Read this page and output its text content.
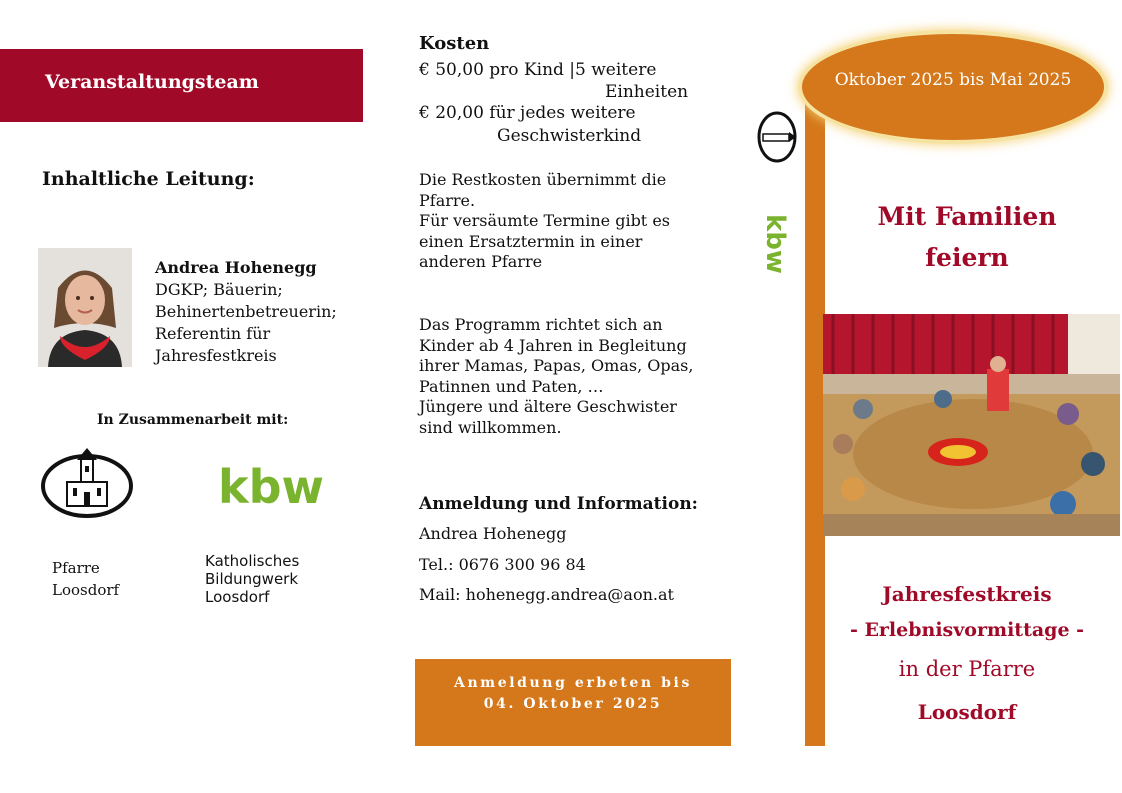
Veranstaltungsteam
Inhaltliche Leitung:
Andrea Hohenegg
DGKP; Bäuerin;
Behinertenbetreuerin;
Referentin für
Jahresfestkreis
In Zusammenarbeit mit:
kbw
Pfarre
Loosdorf
Katholisches
Bildungwerk
Loosdorf
Kosten
€ 50,00 pro Kind |5 weitere
Einheiten
€ 20,00 für jedes weitere
Geschwisterkind
Die Restkosten übernimmt die
Pfarre.
Für versäumte Termine gibt es
einen Ersatztermin in einer
anderen Pfarre
Das Programm richtet sich an
Kinder ab 4 Jahren in Begleitung
ihrer Mamas, Papas, Omas, Opas,
Patinnen und Paten, …
Jüngere und ältere Geschwister
sind willkommen.
Anmeldung und Information:
Andrea Hohenegg
Tel.: 0676 300 96 84
Mail: hohenegg.andrea@aon.at
Anmeldung erbeten bis
04. Oktober 2025
kbw
Oktober 2025 bis Mai 2025
Mit Familien
feiern
Jahresfestkreis
- Erlebnisvormittage -
in der Pfarre
Loosdorf
